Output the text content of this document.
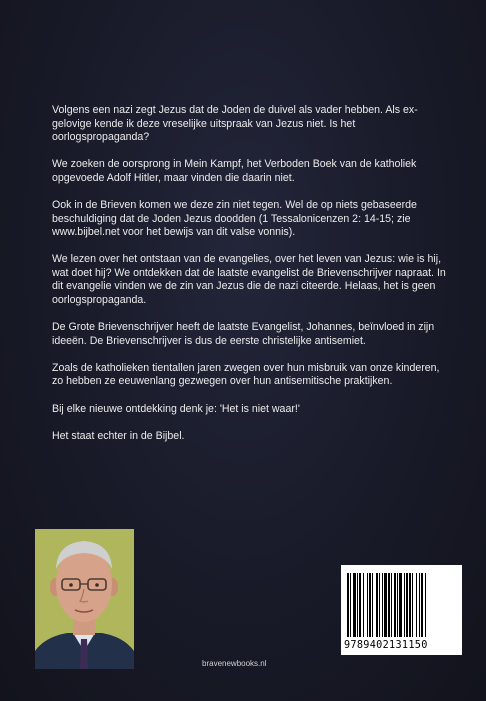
Volgens een nazi zegt Jezus dat de Joden de duivel als vader hebben. Als ex-gelovige kende ik deze vreselijke uitspraak van Jezus niet. Is het oorlogspropaganda?

We zoeken de oorsprong in Mein Kampf, het Verboden Boek van de katholiek opgevoede Adolf Hitler, maar vinden die daarin niet.

Ook in de Brieven komen we deze zin niet tegen. Wel de op niets gebaseerde beschuldiging dat de Joden Jezus doodden (1 Tessalonicenzen 2: 14-15; zie www.bijbel.net voor het bewijs van dit valse vonnis).

We lezen over het ontstaan van de evangelies, over het leven van Jezus: wie is hij, wat doet hij? We ontdekken dat de laatste evangelist de Brievenschrijver napraat. In dit evangelie vinden we de zin van Jezus die de nazi citeerde. Helaas, het is geen oorlogspropaganda.

De Grote Brievenschrijver heeft de laatste Evangelist, Johannes, beïnvloed in zijn ideeën. De Brievenschrijver is dus de eerste christelijke antisemiet.

Zoals de katholieken tientallen jaren zwegen over hun misbruik van onze kinderen, zo hebben ze eeuwenlang gezwegen over hun antisemitische praktijken.

Bij elke nieuwe ontdekking denk je: 'Het is niet waar!'

Het staat echter in de Bijbel.

bravenewbooks.nl
9789402131150
